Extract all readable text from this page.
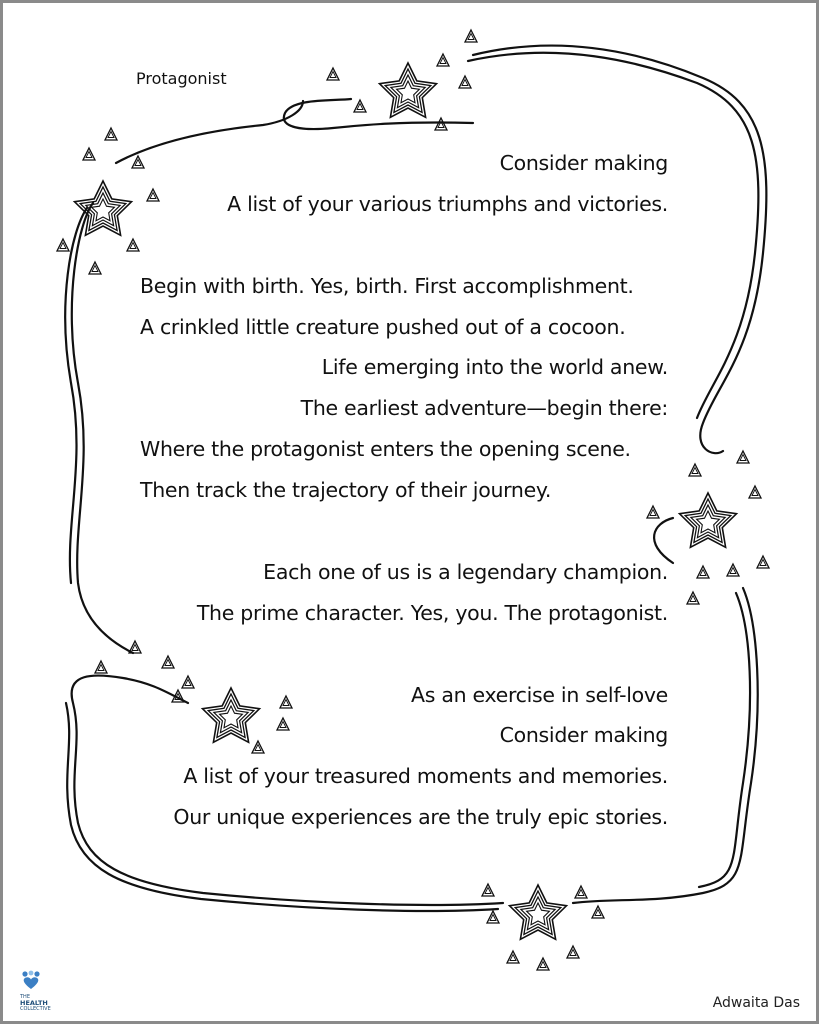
Protagonist
Consider making
A list of your various triumphs and victories.
Begin with birth. Yes, birth. First accomplishment.
A crinkled little creature pushed out of a cocoon.
Life emerging into the world anew.
The earliest adventure—begin there:
Where the protagonist enters the opening scene.
Then track the trajectory of their journey.
Each one of us is a legendary champion.
The prime character. Yes, you. The protagonist.
As an exercise in self-love
Consider making
A list of your treasured moments and memories.
Our unique experiences are the truly epic stories.
THE
HEALTH
COLLECTIVE	Adwaita Das
